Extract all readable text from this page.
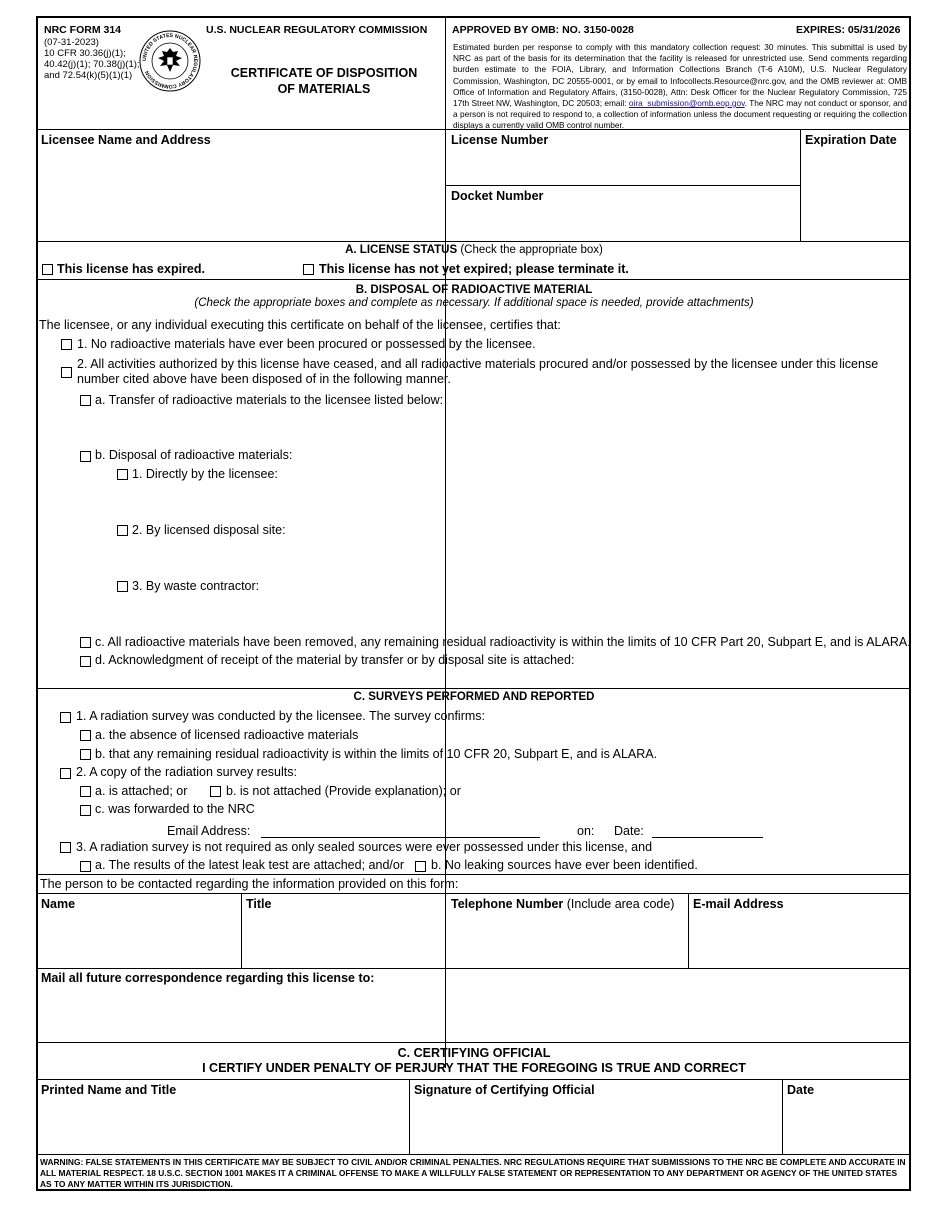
NRC FORM 314
(07-31-2023)
10 CFR 30.36(j)(1);
40.42(j)(1); 70.38(j)(1);
and 72.54(k)(5)(1)(1)
UNITED STATES NUCLEAR REGULATORY COMMISSION
U.S. NUCLEAR REGULATORY COMMISSION
CERTIFICATE OF DISPOSITION
OF MATERIALS
APPROVED BY OMB: NO. 3150-0028	EXPIRES: 05/31/2026
Estimated burden per response to comply with this mandatory collection request: 30 minutes. This submittal is used by NRC as part of the basis for its determination that the facility is released for unrestricted use. Send comments regarding burden estimate to the FOIA, Library, and Information Collections Branch (T-6 A10M), U.S. Nuclear Regulatory Commission, Washington, DC 20555-0001, or by email to Infocollects.Resource@nrc.gov, and the OMB reviewer at: OMB Office of Information and Regulatory Affairs, (3150-0028), Attn: Desk Officer for the Nuclear Regulatory Commission, 725 17th Street NW, Washington, DC 20503; email: oira_submission@omb.eop.gov. The NRC may not conduct or sponsor, and a person is not required to respond to, a collection of information unless the document requesting or requiring the collection displays a currently valid OMB control number.
Licensee Name and Address	License Number	Expiration Date
Docket Number
A. LICENSE STATUS (Check the appropriate box)
This license has expired.	This license has not yet expired; please terminate it.
B. DISPOSAL OF RADIOACTIVE MATERIAL
(Check the appropriate boxes and complete as necessary. If additional space is needed, provide attachments)
The licensee, or any individual executing this certificate on behalf of the licensee, certifies that:
1. No radioactive materials have ever been procured or possessed by the licensee.
2. All activities authorized by this license have ceased, and all radioactive materials procured and/or possessed by the licensee under this license
number cited above have been disposed of in the following manner.
a. Transfer of radioactive materials to the licensee listed below:
b. Disposal of radioactive materials:
1. Directly by the licensee:
2. By licensed disposal site:
3. By waste contractor:
c. All radioactive materials have been removed, any remaining residual radioactivity is within the limits of 10 CFR Part 20, Subpart E, and is ALARA.
d. Acknowledgment of receipt of the material by transfer or by disposal site is attached:
C. SURVEYS PERFORMED AND REPORTED
1. A radiation survey was conducted by the licensee. The survey confirms:
a. the absence of licensed radioactive materials
b. that any remaining residual radioactivity is within the limits of 10 CFR 20, Subpart E, and is ALARA.
2. A copy of the radiation survey results:
a. is attached; or	b. is not attached (Provide explanation); or
c. was forwarded to the NRC
Email Address:	on: Date:
3. A radiation survey is not required as only sealed sources were ever possessed under this license, and
a. The results of the latest leak test are attached; and/or b. No leaking sources have ever been identified.
The person to be contacted regarding the information provided on this form:
Name	Title	Telephone Number (Include area code) E-mail Address
Mail all future correspondence regarding this license to:
C. CERTIFYING OFFICIAL
I CERTIFY UNDER PENALTY OF PERJURY THAT THE FOREGOING IS TRUE AND CORRECT
Printed Name and Title	Signature of Certifying Official	Date
WARNING: FALSE STATEMENTS IN THIS CERTIFICATE MAY BE SUBJECT TO CIVIL AND/OR CRIMINAL PENALTIES. NRC REGULATIONS REQUIRE THAT SUBMISSIONS TO THE NRC BE COMPLETE AND ACCURATE IN ALL MATERIAL RESPECT. 18 U.S.C. SECTION 1001 MAKES IT A CRIMINAL OFFENSE TO MAKE A WILLFULLY FALSE STATEMENT OR REPRESENTATION TO ANY DEPARTMENT OR AGENCY OF THE UNITED STATES AS TO ANY MATTER WITHIN ITS JURISDICTION.
